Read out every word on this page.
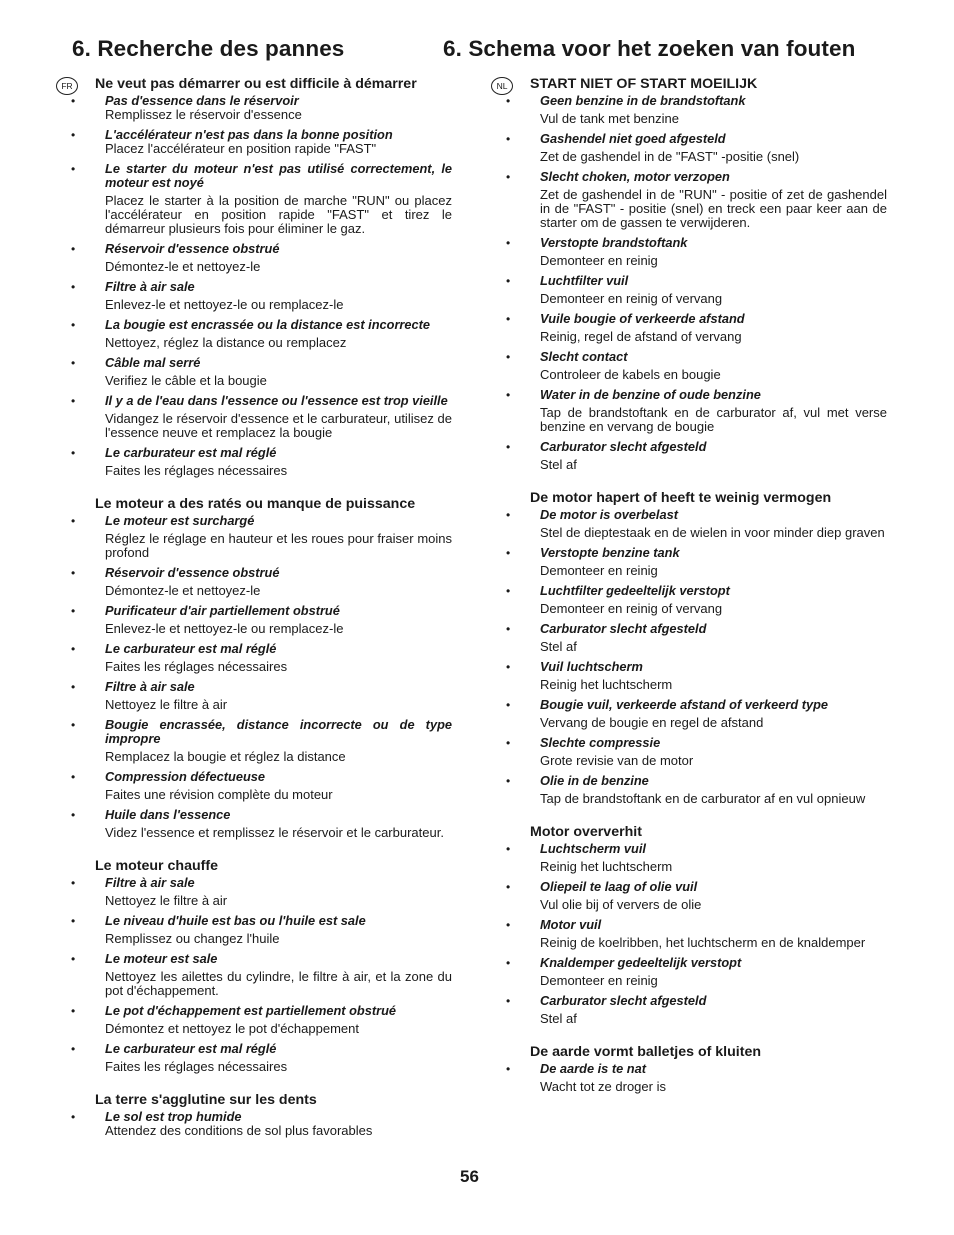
6. Recherche des pannes	6. Schema voor het zoeken van fouten
FR	Ne veut pas démarrer ou est difficile à démarrer
• Pas d'essence dans le réservoir
Remplissez le réservoir d'essence
• L'accélérateur n'est pas dans la bonne position
Placez l'accélérateur en position rapide "FAST"
• Le starter du moteur n'est pas utilisé correctement, le moteur est noyé
Placez le starter à la position de marche "RUN" ou placez l'accélérateur en position rapide "FAST" et tirez le démarreur plusieurs fois pour éliminer le gaz.
• Réservoir d'essence obstrué
Démontez-le et nettoyez-le
• Filtre à air sale
Enlevez-le et nettoyez-le ou remplacez-le
• La bougie est encrassée ou la distance est incorrecte
Nettoyez, réglez la distance ou remplacez
• Câble mal serré
Verifiez le câble et la bougie
• Il y a de l'eau dans l'essence ou l'essence est trop vieille
Vidangez le réservoir d'essence et le carburateur, utilisez de l'essence neuve et remplacez la bougie
• Le carburateur est mal réglé
Faites les réglages nécessaires
Le moteur a des ratés ou manque de puissance
• Le moteur est surchargé
Réglez le réglage en hauteur et les roues pour fraiser moins profond
• Réservoir d'essence obstrué
Démontez-le et nettoyez-le
• Purificateur d'air partiellement obstrué
Enlevez-le et nettoyez-le ou remplacez-le
• Le carburateur est mal réglé
Faites les réglages nécessaires
• Filtre à air sale
Nettoyez le filtre à air
• Bougie encrassée, distance incorrecte ou de type impropre
Remplacez la bougie et réglez la distance
• Compression défectueuse
Faites une révision complète du moteur
• Huile dans l'essence
Videz l'essence et remplissez le réservoir et le carburateur.
Le moteur chauffe
• Filtre à air sale
Nettoyez le filtre à air
• Le niveau d'huile est bas ou l'huile est sale
Remplissez ou changez l'huile
• Le moteur est sale
Nettoyez les ailettes du cylindre, le filtre à air, et la zone du pot d'échappement.
• Le pot d'échappement est partiellement obstrué
Démontez et nettoyez le pot d'échappement
• Le carburateur est mal réglé
Faites les réglages nécessaires
La terre s'agglutine sur les dents
• Le sol est trop humide
Attendez des conditions de sol plus favorables
NL	START NIET OF START MOEILIJK
• Geen benzine in de brandstoftank
Vul de tank met benzine
• Gashendel niet goed afgesteld
Zet de gashendel in de "FAST" -positie (snel)
• Slecht choken, motor verzopen
Zet de gashendel in de "RUN" - positie of zet de gashendel in de "FAST" - positie (snel) en treck een paar keer aan de starter om de gassen te verwijderen.
• Verstopte brandstoftank
Demonteer en reinig
• Luchtfilter vuil
Demonteer en reinig of vervang
• Vuile bougie of verkeerde afstand
Reinig, regel de afstand of vervang
• Slecht contact
Controleer de kabels en bougie
• Water in de benzine of oude benzine
Tap de brandstoftank en de carburator af, vul met verse benzine en vervang de bougie
• Carburator slecht afgesteld
Stel af
De motor hapert of heeft te weinig vermogen
• De motor is overbelast
Stel de dieptestaak en de wielen in voor minder diep graven
• Verstopte benzine tank
Demonteer en reinig
• Luchtfilter gedeeltelijk verstopt
Demonteer en reinig of vervang
• Carburator slecht afgesteld
Stel af
• Vuil luchtscherm
Reinig het luchtscherm
• Bougie vuil, verkeerde afstand of verkeerd type
Vervang de bougie en regel de afstand
• Slechte compressie
Grote revisie van de motor
• Olie in de benzine
Tap de brandstoftank en de carburator af en vul opnieuw
Motor oververhit
• Luchtscherm vuil
Reinig het luchtscherm
• Oliepeil te laag of olie vuil
Vul olie bij of ververs de olie
• Motor vuil
Reinig de koelribben, het luchtscherm en de knaldemper
• Knaldemper gedeeltelijk verstopt
Demonteer en reinig
• Carburator slecht afgesteld
Stel af
De aarde vormt balletjes of kluiten
• De aarde is te nat
Wacht tot ze droger is
56
